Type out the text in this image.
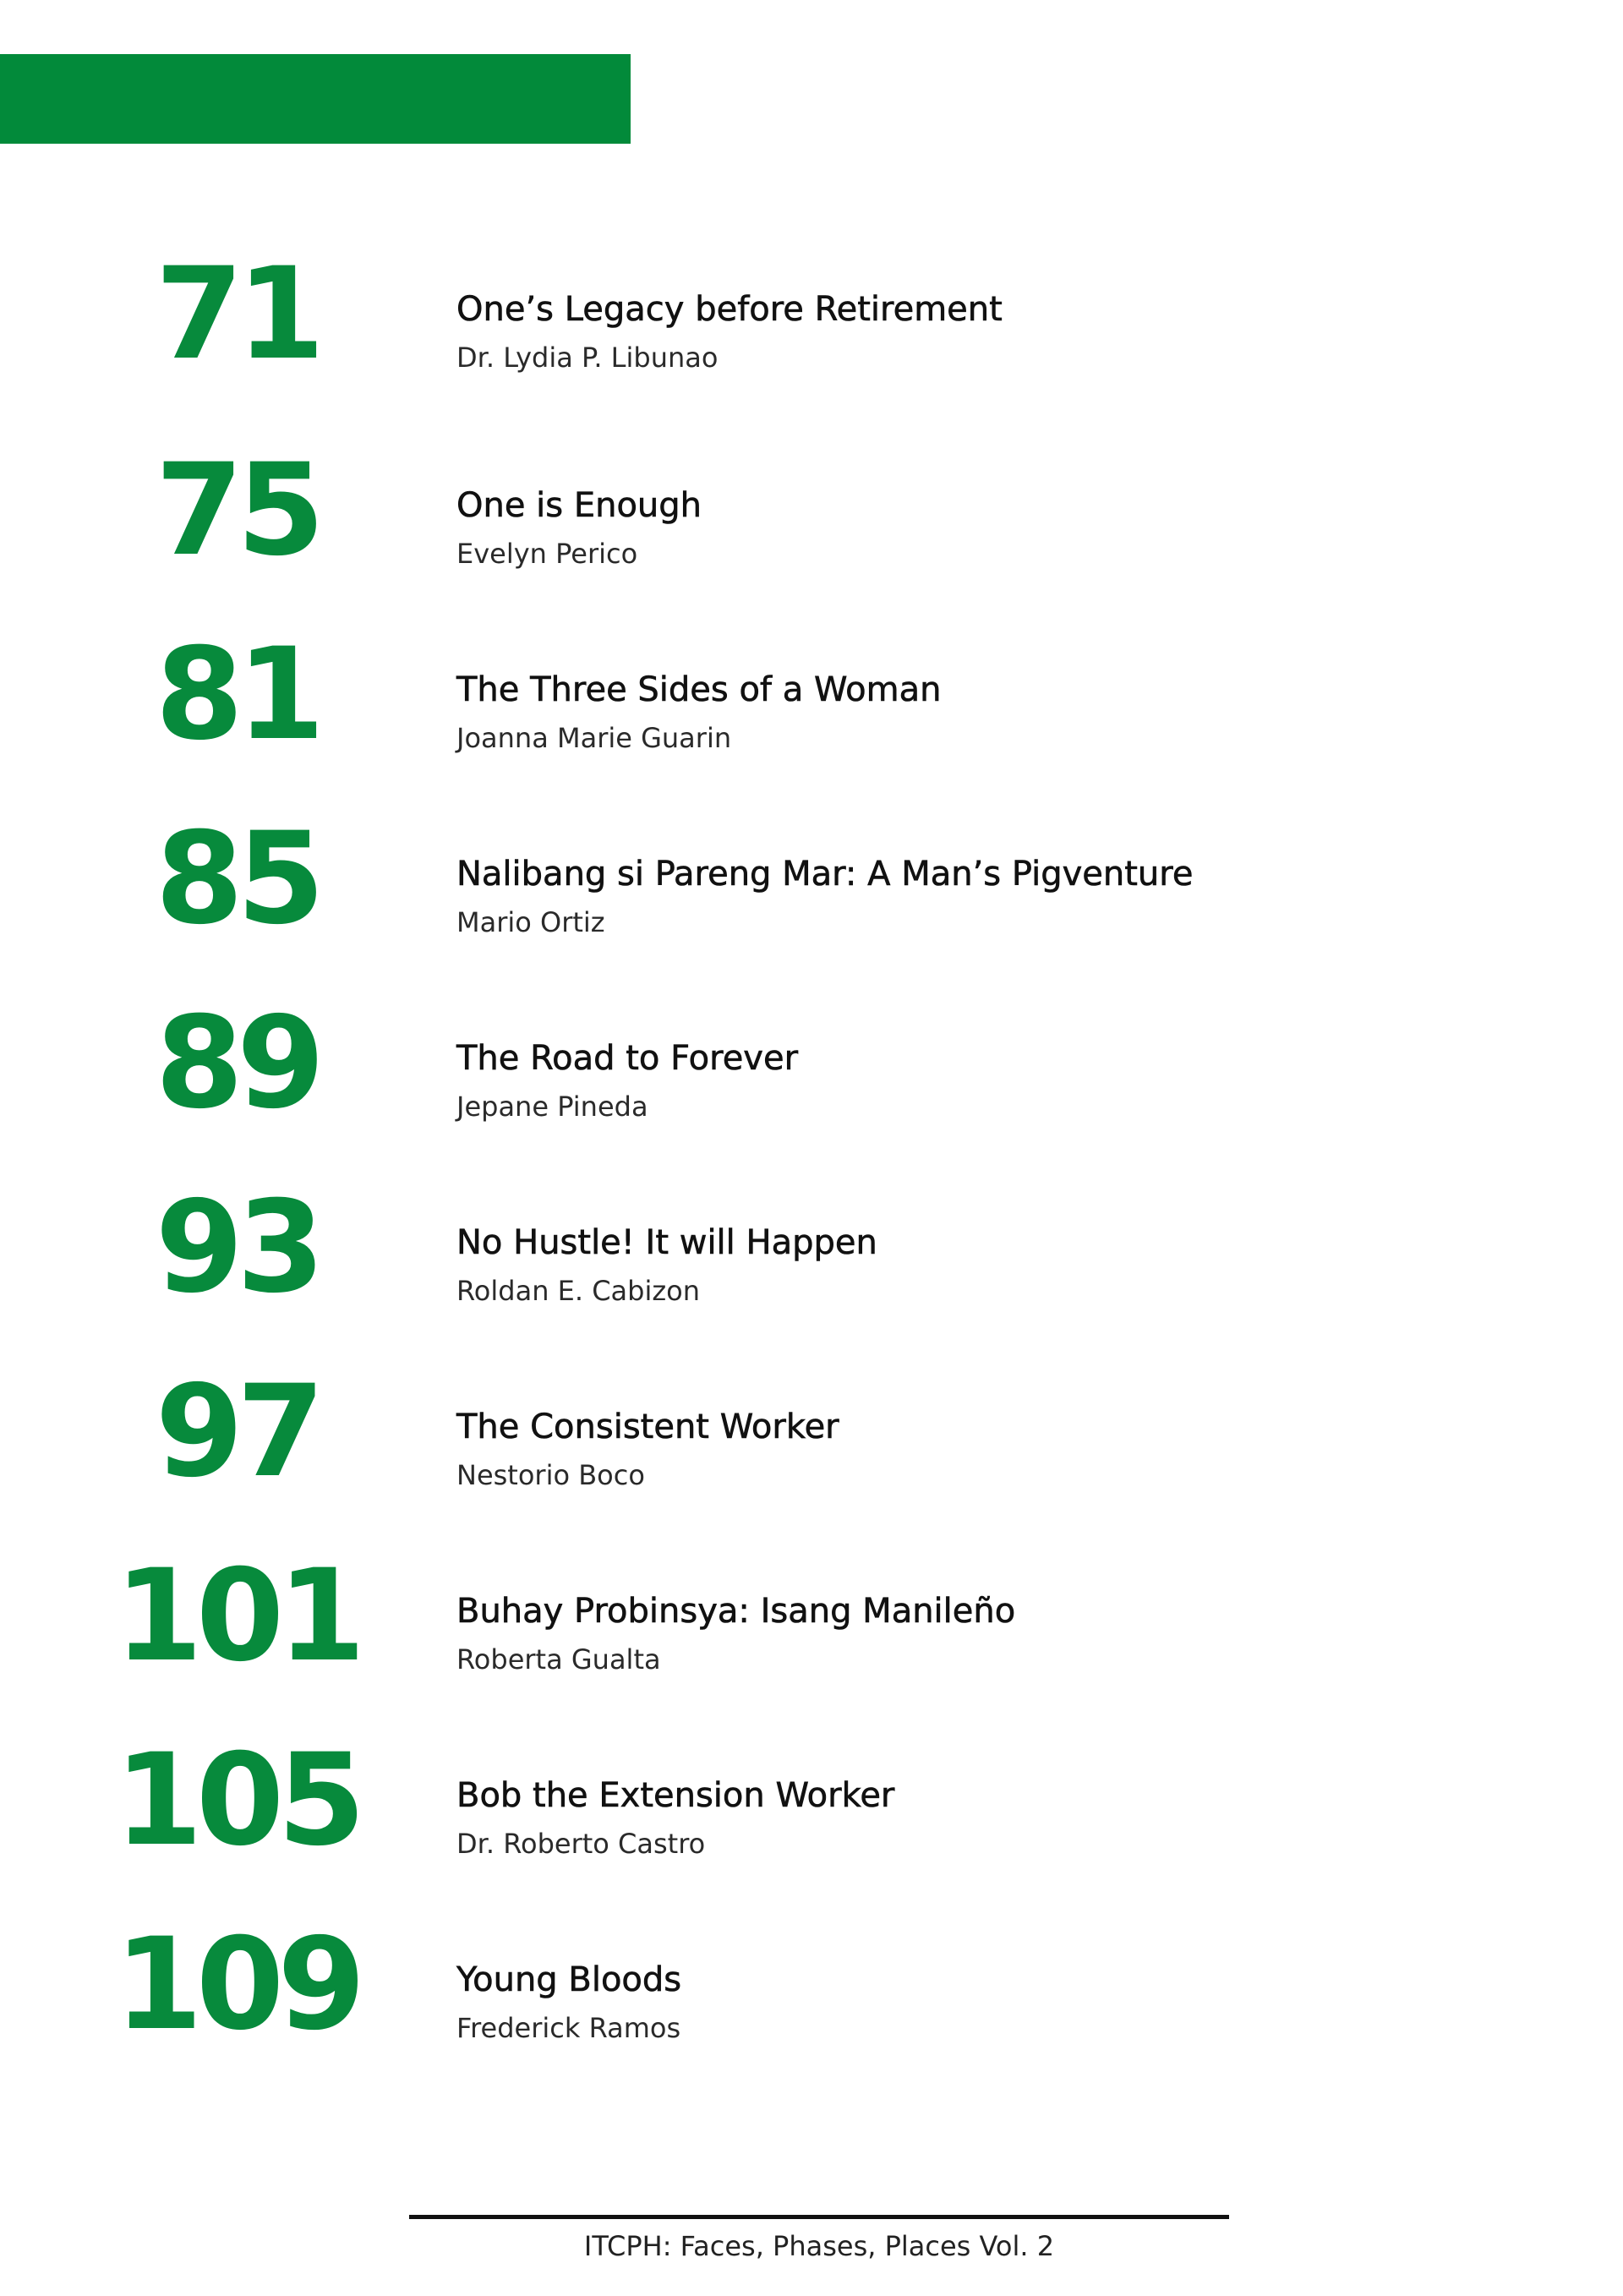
71	One’s Legacy before Retirement
Dr. Lydia P. Libunao
75	One is Enough
Evelyn Perico
81	The Three Sides of a Woman
Joanna Marie Guarin
85	Nalibang si Pareng Mar: A Man’s Pigventure
Mario Ortiz
89	The Road to Forever
Jepane Pineda
93	No Hustle! It will Happen
Roldan E. Cabizon
97	The Consistent Worker
Nestorio Boco
101	Buhay Probinsya: Isang Manileño
Roberta Gualta
105	Bob the Extension Worker
Dr. Roberto Castro
109	Young Bloods
Frederick Ramos
ITCPH: Faces, Phases, Places Vol. 2
